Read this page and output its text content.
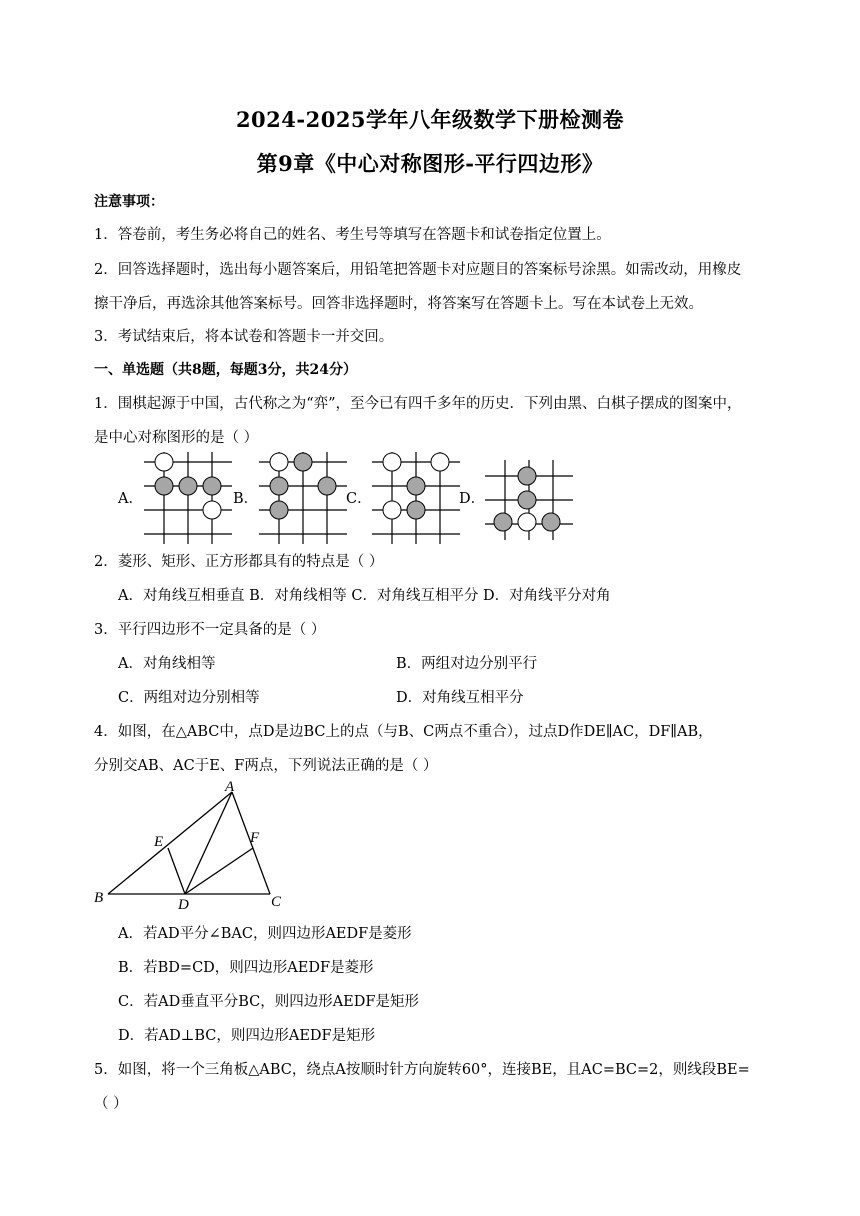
2024-2025学年八年级数学下册检测卷
第9章《中心对称图形-平行四边形》
注意事项：
1．答卷前，考生务必将自己的姓名、考生号等填写在答题卡和试卷指定位置上。
2．回答选择题时，选出每小题答案后，用铅笔把答题卡对应题目的答案标号涂黑。如需改动，用橡皮
擦干净后，再选涂其他答案标号。回答非选择题时，将答案写在答题卡上。写在本试卷上无效。
3．考试结束后，将本试卷和答题卡一并交回。
一、单选题（共8题，每题3分，共24分）
1．围棋起源于中国，古代称之为“弈”，至今已有四千多年的历史．下列由黑、白棋子摆成的图案中，
是中心对称图形的是（ ）
A．	B．	C．	D．
2．菱形、矩形、正方形都具有的特点是（ ）
A．对角线互相垂直 B．对角线相等 C．对角线互相平分 D．对角线平分对角
3．平行四边形不一定具备的是（ ）
A．对角线相等	B．两组对边分别平行
C．两组对边分别相等	D．对角线互相平分
4．如图，在△ABC中，点D是边BC上的点（与B、C两点不重合），过点D作DE∥AC，DF∥AB，
分别交AB、AC于E、F两点，下列说法正确的是（ ）
A
B	C
D
E	F
A．若AD平分∠BAC，则四边形AEDF是菱形
B．若BD=CD，则四边形AEDF是菱形
C．若AD垂直平分BC，则四边形AEDF是矩形
D．若AD⊥BC，则四边形AEDF是矩形
5．如图，将一个三角板△ABC，绕点A按顺时针方向旋转60°，连接BE，且AC=BC=2，则线段BE=
（ ）
